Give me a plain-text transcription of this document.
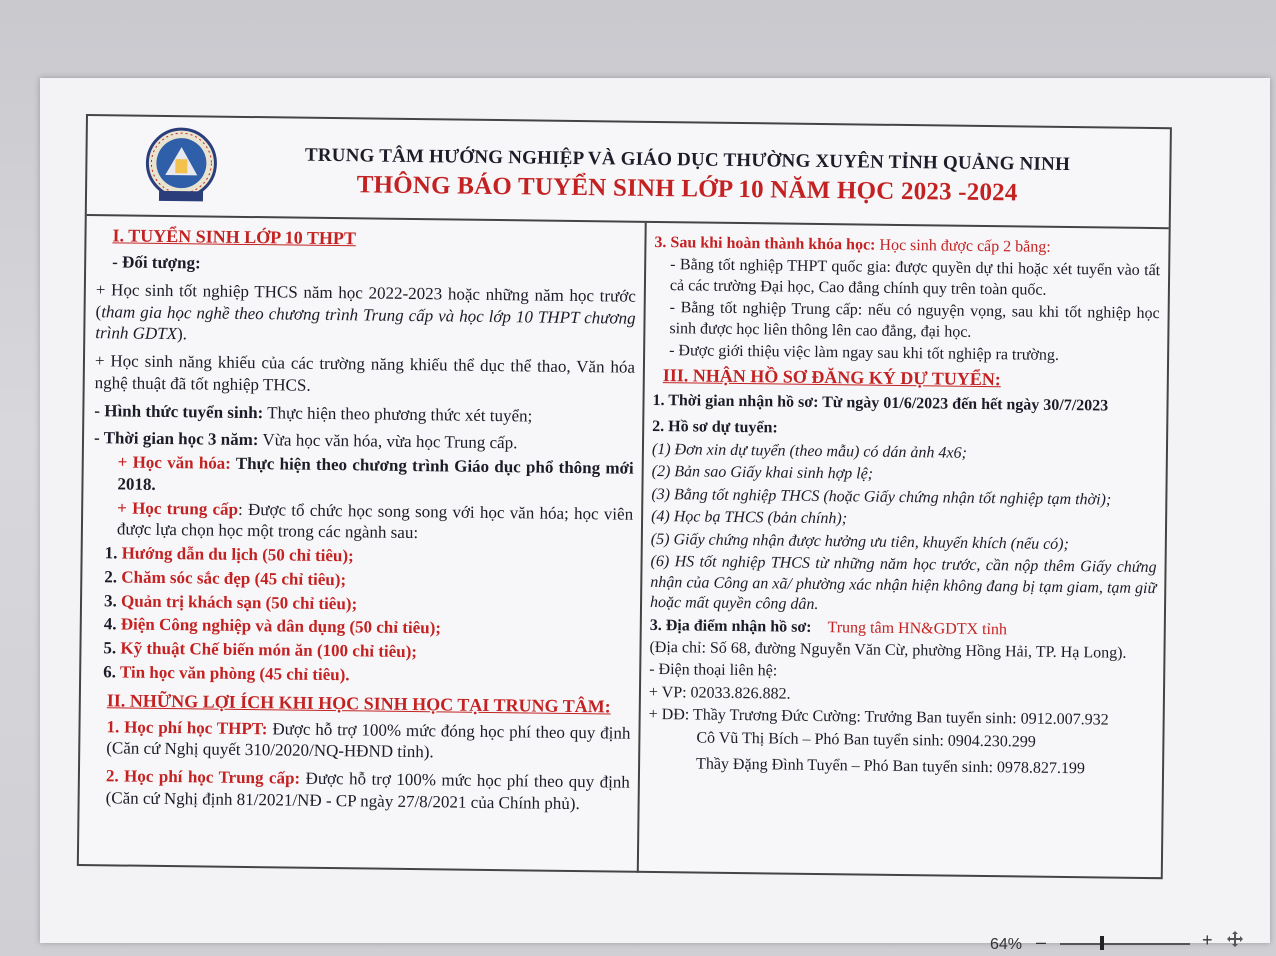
TRUNG TÂM HƯỚNG NGHIỆP VÀ GIÁO DỤC THƯỜNG XUYÊN TỈNH QUẢNG NINH
THÔNG BÁO TUYỂN SINH LỚP 10 NĂM HỌC 2023 -2024
I. TUYỂN SINH LỚP 10 THPT
- Đối tượng:
+ Học sinh tốt nghiệp THCS năm học 2022-2023 hoặc những năm học trước (tham gia học nghề theo chương trình Trung cấp và học lớp 10 THPT chương trình GDTX).
+ Học sinh năng khiếu của các trường năng khiếu thể dục thể thao, Văn hóa nghệ thuật đã tốt nghiệp THCS.
- Hình thức tuyển sinh: Thực hiện theo phương thức xét tuyển;
- Thời gian học 3 năm: Vừa học văn hóa, vừa học Trung cấp.
+ Học văn hóa: Thực hiện theo chương trình Giáo dục phổ thông mới 2018.
+ Học trung cấp: Được tổ chức học song song với học văn hóa; học viên được lựa chọn học một trong các ngành sau:
1. Hướng dẫn du lịch (50 chỉ tiêu);
2. Chăm sóc sắc đẹp (45 chỉ tiêu);
3. Quản trị khách sạn (50 chỉ tiêu);
4. Điện Công nghiệp và dân dụng (50 chỉ tiêu);
5. Kỹ thuật Chế biến món ăn (100 chỉ tiêu);
6. Tin học văn phòng (45 chỉ tiêu).
II. NHỮNG LỢI ÍCH KHI HỌC SINH HỌC TẠI TRUNG TÂM:
1. Học phí học THPT: Được hỗ trợ 100% mức đóng học phí theo quy định (Căn cứ Nghị quyết 310/2020/NQ-HĐND tỉnh).
2. Học phí học Trung cấp: Được hỗ trợ 100% mức học phí theo quy định (Căn cứ Nghị định 81/2021/NĐ - CP ngày 27/8/2021 của Chính phủ).
3. Sau khi hoàn thành khóa học: Học sinh được cấp 2 bằng:
- Bằng tốt nghiệp THPT quốc gia: được quyền dự thi hoặc xét tuyển vào tất cả các trường Đại học, Cao đẳng chính quy trên toàn quốc.
- Bằng tốt nghiệp Trung cấp: nếu có nguyện vọng, sau khi tốt nghiệp học sinh được học liên thông lên cao đẳng, đại học.
- Được giới thiệu việc làm ngay sau khi tốt nghiệp ra trường.
III. NHẬN HỒ SƠ ĐĂNG KÝ DỰ TUYỂN:
1. Thời gian nhận hồ sơ: Từ ngày 01/6/2023 đến hết ngày 30/7/2023
2. Hồ sơ dự tuyển:
(1) Đơn xin dự tuyển (theo mẫu) có dán ảnh 4x6;
(2) Bản sao Giấy khai sinh hợp lệ;
(3) Bằng tốt nghiệp THCS (hoặc Giấy chứng nhận tốt nghiệp tạm thời);
(4) Học bạ THCS (bản chính);
(5) Giấy chứng nhận được hưởng ưu tiên, khuyến khích (nếu có);
(6) HS tốt nghiệp THCS từ những năm học trước, cần nộp thêm Giấy chứng nhận của Công an xã/ phường xác nhận hiện không đang bị tạm giam, tạm giữ hoặc mất quyền công dân.
3. Địa điểm nhận hồ sơ: Trung tâm HN&GDTX tỉnh
(Địa chỉ: Số 68, đường Nguyễn Văn Cừ, phường Hồng Hải, TP. Hạ Long).
- Điện thoại liên hệ:
+ VP: 02033.826.882.
+ DĐ: Thầy Trương Đức Cường: Trưởng Ban tuyển sinh: 0912.007.932
Cô Vũ Thị Bích – Phó Ban tuyển sinh: 0904.230.299
Thầy Đặng Đình Tuyển – Phó Ban tuyển sinh: 0978.827.199
64% –	+
